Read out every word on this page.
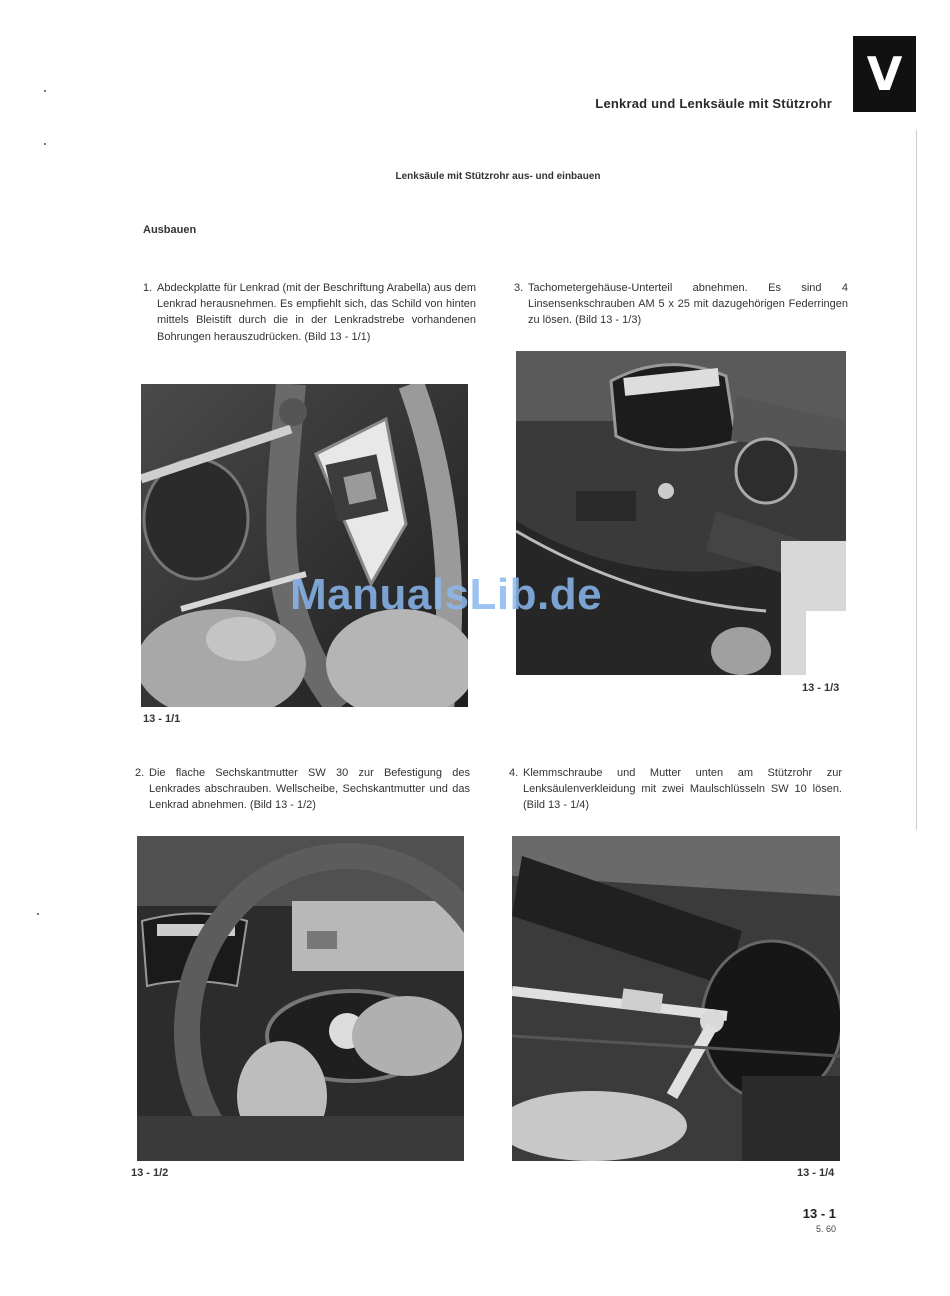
V
Lenkrad und Lenksäule mit Stützrohr
Lenksäule mit Stützrohr aus- und einbauen
Ausbauen
1. Abdeckplatte für Lenkrad (mit der Beschriftung Arabella) aus dem Lenkrad herausnehmen. Es empfiehlt sich, das Schild von hinten mittels Bleistift durch die in der Lenkradstrebe vorhandenen Bohrungen herauszudrücken. (Bild 13 - 1/1)
3. Tachometergehäuse-Unterteil abnehmen. Es sind 4 Linsensenkschrauben AM 5 x 25 mit dazugehörigen Federringen zu lösen. (Bild 13 - 1/3)
13 - 1/1
13 - 1/3
2. Die flache Sechskantmutter SW 30 zur Befestigung des Lenkrades abschrauben. Wellscheibe, Sechskantmutter und das Lenkrad abnehmen. (Bild 13 - 1/2)
4. Klemmschraube und Mutter unten am Stützrohr zur Lenksäulenverkleidung mit zwei Maulschlüsseln SW 10 lösen. (Bild 13 - 1/4)
13 - 1/2	13 - 1/4
ManualsLib.de
13 - 1
5. 60
